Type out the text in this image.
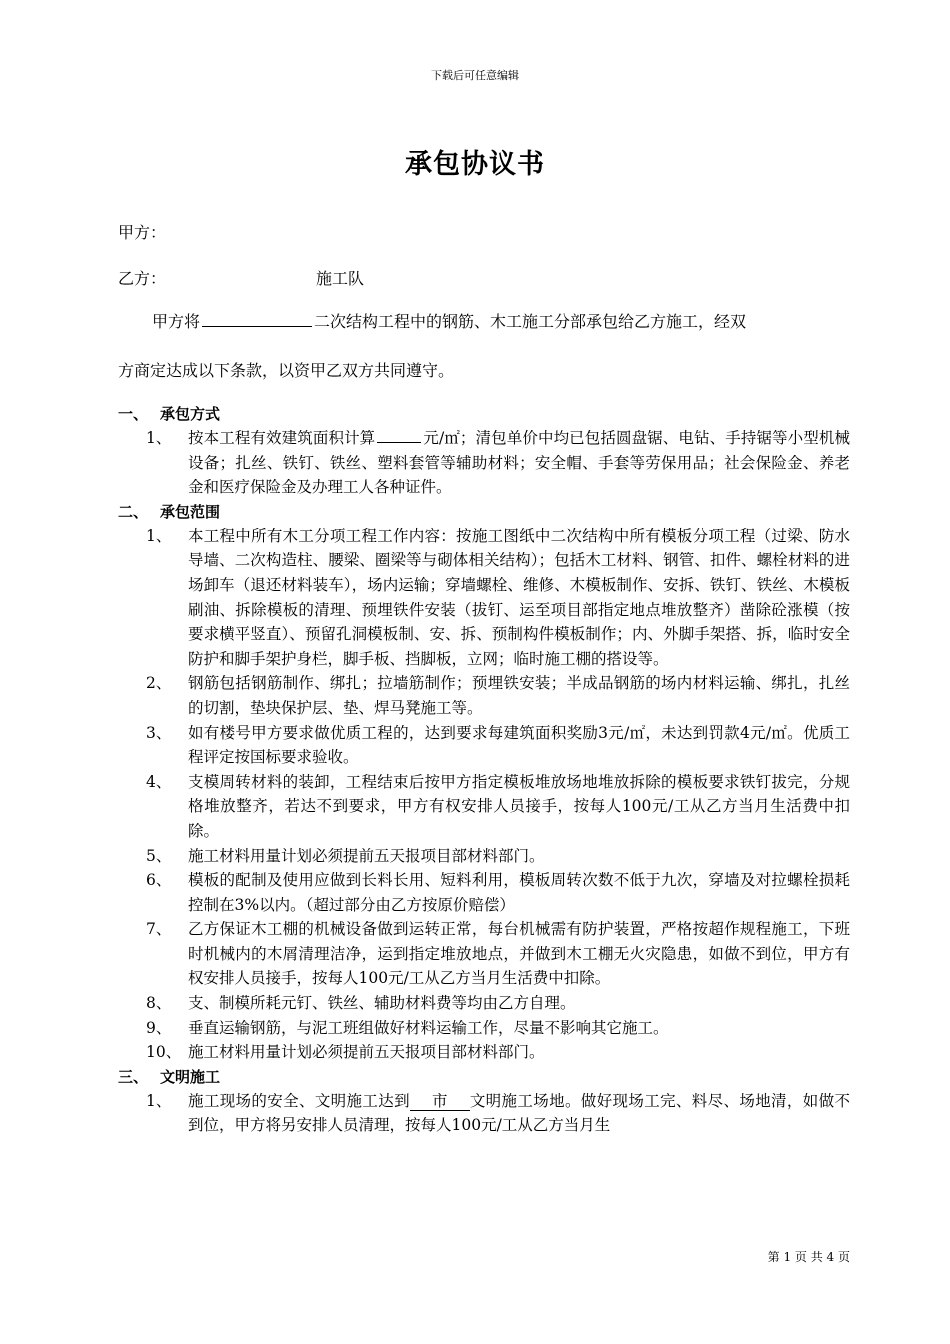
下载后可任意编辑
承包协议书
甲方：
乙方：	施工队
甲方将	二次结构工程中的钢筋、木工施工分部承包给乙方施工，经双
方商定达成以下条款，以资甲乙双方共同遵守。
一、 承包方式
1、 按本工程有效建筑面积计算	元/㎡；清包单价中均已包括圆盘锯、电钻、手持锯等小型机械设备；扎丝、铁钉、铁丝、塑料套管等辅助材料；安全帽、手套等劳保用品；社会保险金、养老金和医疗保险金及办理工人各种证件。
二、 承包范围
1、 本工程中所有木工分项工程工作内容：按施工图纸中二次结构中所有模板分项工程（过梁、防水导墙、二次构造柱、腰梁、圈梁等与砌体相关结构）；包括木工材料、钢管、扣件、螺栓材料的进场卸车（退还材料装车），场内运输；穿墙螺栓、维修、木模板制作、安拆、铁钉、铁丝、木模板刷油、拆除模板的清理、预埋铁件安装（拔钉、运至项目部指定地点堆放整齐）凿除砼涨模（按要求横平竖直）、预留孔洞模板制、安、拆、预制构件模板制作；内、外脚手架搭、拆，临时安全防护和脚手架护身栏，脚手板、挡脚板，立网；临时施工棚的搭设等。
2、 钢筋包括钢筋制作、绑扎；拉墙筋制作；预埋铁安装；半成品钢筋的场内材料运输、绑扎，扎丝的切割，垫块保护层、垫、焊马凳施工等。
3、 如有楼号甲方要求做优质工程的，达到要求每建筑面积奖励3元/㎡，未达到罚款4元/㎡。优质工程评定按国标要求验收。
4、 支模周转材料的装卸，工程结束后按甲方指定模板堆放场地堆放拆除的模板要求铁钉拔完，分规格堆放整齐，若达不到要求，甲方有权安排人员接手，按每人100元/工从乙方当月生活费中扣除。
5、 施工材料用量计划必须提前五天报项目部材料部门。
6、 模板的配制及使用应做到长料长用、短料利用，模板周转次数不低于九次，穿墙及对拉螺栓损耗控制在3%以内。（超过部分由乙方按原价赔偿）
7、 乙方保证木工棚的机械设备做到运转正常，每台机械需有防护装置，严格按超作规程施工，下班时机械内的木屑清理洁净，运到指定堆放地点，并做到木工棚无火灾隐患，如做不到位，甲方有权安排人员接手，按每人100元/工从乙方当月生活费中扣除。
8、 支、制模所耗元钉、铁丝、辅助材料费等均由乙方自理。
9、 垂直运输钢筋，与泥工班组做好材料运输工作，尽量不影响其它施工。
10、 施工材料用量计划必须提前五天报项目部材料部门。
三、 文明施工
1、 施工现场的安全、文明施工达到 市 文明施工场地。做好现场工完、料尽、场地清，如做不到位，甲方将另安排人员清理，按每人100元/工从乙方当月生
第 1 页 共 4 页
